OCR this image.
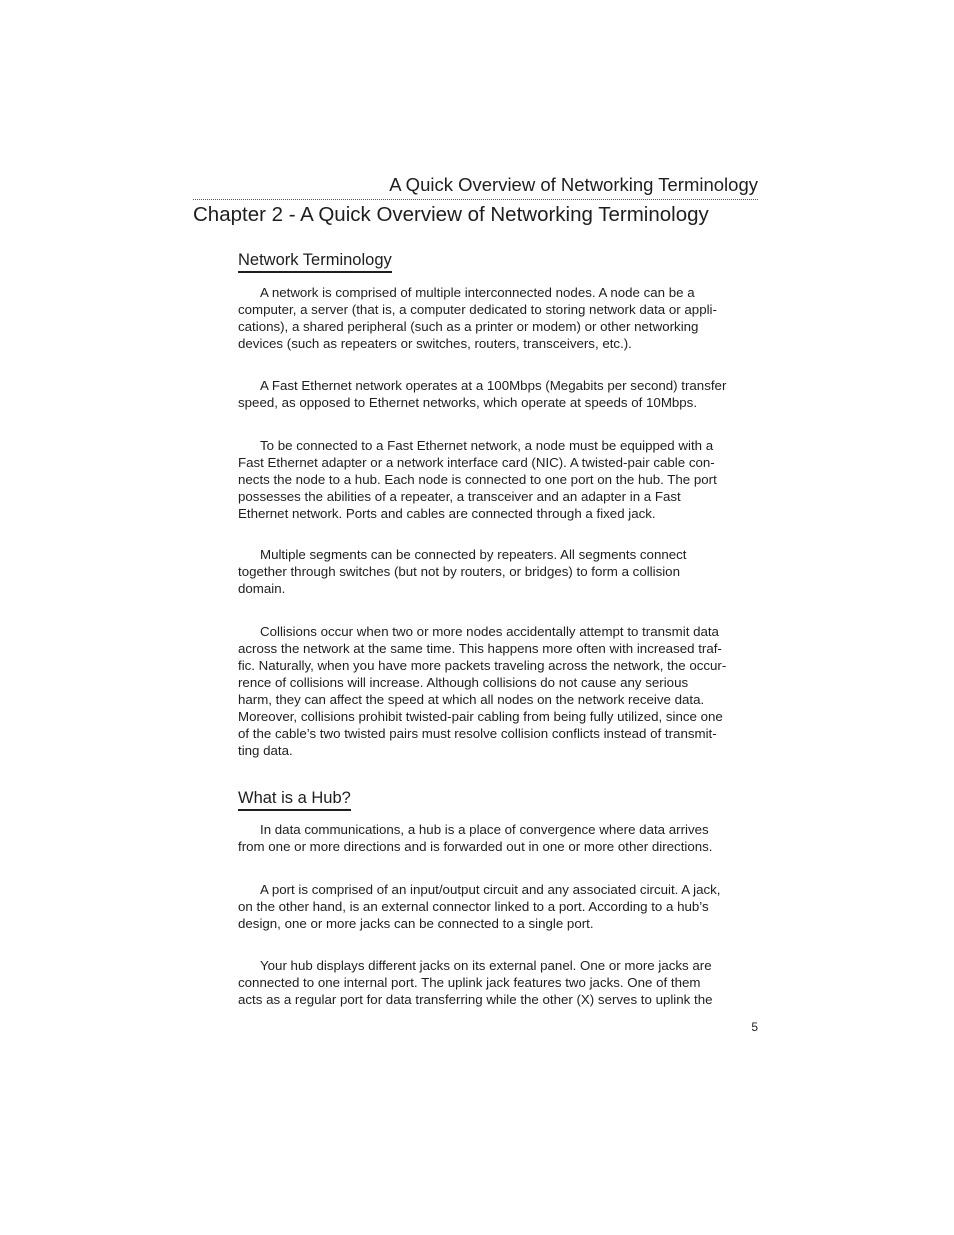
A Quick Overview of Networking Terminology
Chapter 2 - A Quick Overview of Networking Terminology
Network Terminology
A network is comprised of multiple interconnected nodes. A node can be a
computer, a server (that is, a computer dedicated to storing network data or appli-
cations), a shared peripheral (such as a printer or modem) or other networking
devices (such as repeaters or switches, routers, transceivers, etc.).
A Fast Ethernet network operates at a 100Mbps (Megabits per second) transfer
speed, as opposed to Ethernet networks, which operate at speeds of 10Mbps.
To be connected to a Fast Ethernet network, a node must be equipped with a
Fast Ethernet adapter or a network interface card (NIC). A twisted-pair cable con-
nects the node to a hub. Each node is connected to one port on the hub. The port
possesses the abilities of a repeater, a transceiver and an adapter in a Fast
Ethernet network. Ports and cables are connected through a fixed jack.
Multiple segments can be connected by repeaters. All segments connect
together through switches (but not by routers, or bridges) to form a collision
domain.
Collisions occur when two or more nodes accidentally attempt to transmit data
across the network at the same time. This happens more often with increased traf-
fic. Naturally, when you have more packets traveling across the network, the occur-
rence of collisions will increase. Although collisions do not cause any serious
harm, they can affect the speed at which all nodes on the network receive data.
Moreover, collisions prohibit twisted-pair cabling from being fully utilized, since one
of the cable’s two twisted pairs must resolve collision conflicts instead of transmit-
ting data.
What is a Hub?
In data communications, a hub is a place of convergence where data arrives
from one or more directions and is forwarded out in one or more other directions.
A port is comprised of an input/output circuit and any associated circuit. A jack,
on the other hand, is an external connector linked to a port. According to a hub’s
design, one or more jacks can be connected to a single port.
Your hub displays different jacks on its external panel. One or more jacks are
connected to one internal port. The uplink jack features two jacks. One of them
acts as a regular port for data transferring while the other (X) serves to uplink the
5
